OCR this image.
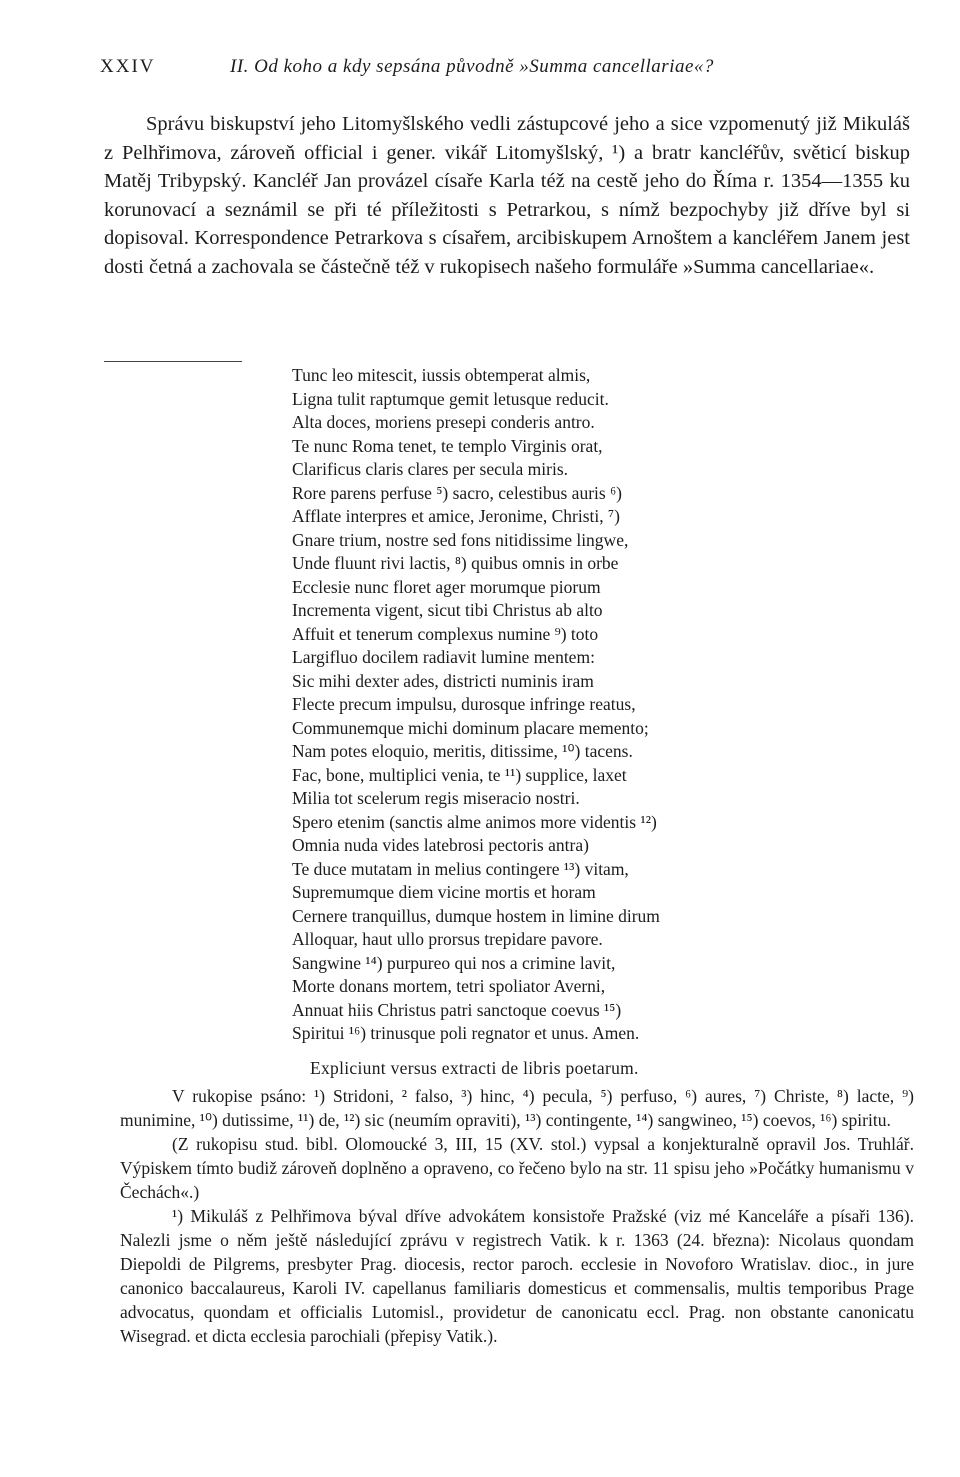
XXIV	II. Od koho a kdy sepsána původně »Summa cancellariae«?

Správu biskupství jeho Litomyšlského vedli zástupcové jeho a sice vzpomenutý již Mikuláš z Pelhřimova, zároveň official i gener. vikář Litomyšlský, ¹) a bratr kancléřův, světicí biskup Matěj Tribурský. Kancléř Jan provázel císaře Karla též na cestě jeho do Říma r. 1354—1355 ku korunovací a seznámil se při té příležitosti s Petrarkou, s nímž bezpochyby již dříve byl si dopisoval. Korrespondence Petrarkova s císařem, arcibiskupem Arnoštem a kancléřem Janem jest dosti četná a zachovala se částečně též v rukopisech našeho formuláře »Summa cancellariae«.

Tunc leo mitescit, iussis obtemperat almis,
Ligna tulit raptumque gemit letusque reducit.
Alta doces, moriens presepi conderis antro.
Te nunc Roma tenet, te templo Virginis orat,
Clarificus claris clares per secula miris.
Rore parens perfuse ⁵) sacro, celestibus auris ⁶)
Afflate interpres et amice, Jeronime, Christi, ⁷)
Gnare trium, nostre sed fons nitidissime lingwe,
Unde fluunt rivi lactis, ⁸) quibus omnis in orbe
Ecclesie nunc floret ager morumque piorum
Incrementa vigent, sicut tibi Christus ab alto
Affuit et tenerum complexus numine ⁹) toto
Largifluo docilem radiavit lumine mentem:
Sic mihi dexter ades, districti numinis iram
Flecte precum impulsu, durosque infringe reatus,
Communemque michi dominum placare memento;
Nam potes eloquio, meritis, ditissime, ¹⁰) tacens.
Fac, bone, multiplici venia, te ¹¹) supplice, laxet
Milia tot scelerum regis miseracio nostri.
Spero etenim (sanctis alme animos more videntis ¹²)
Omnia nuda vides latebrosi pectoris antra)
Te duce mutatam in melius contingere ¹³) vitam,
Supremumque diem vicine mortis et horam
Cernere tranquillus, dumque hostem in limine dirum
Alloquar, haut ullo prorsus trepidare pavore.
Sangwine ¹⁴) purpureo qui nos a crimine lavit,
Morte donans mortem, tetri spoliator Averni,
Annuat hiis Christus patri sanctoque coevus ¹⁵)
Spiritui ¹⁶) trinusque poli regnator et unus. Amen.
Expliciunt versus extracti de libris poetarum.

V rukopise psáno: ¹) Stridoni, ² falso, ³) hinc, ⁴) pecula, ⁵) perfuso, ⁶) aures, ⁷) Christe, ⁸) lacte, ⁹) munimine, ¹⁰) dutissime, ¹¹) de, ¹²) sic (neumím opraviti), ¹³) contingente, ¹⁴) sangwineo, ¹⁵) coevos, ¹⁶) spiritu.

(Z rukopisu stud. bibl. Olomoucké 3, III, 15 (XV. stol.) vypsal a konjekturalně opravil Jos. Truhlář. Výpiskem tímto budiž zároveň doplněno a opraveno, co řečeno bylo na str. 11 spisu jeho »Počátky humanismu v Čechách«.)

¹) Mikuláš z Pelhřimova býval dříve advokátem konsistoře Pražské (viz mé Kanceláře a písaři 136). Nalezli jsme o něm ještě následující zprávu v registrech Vatik. k r. 1363 (24. března): Nicolaus quondam Diepoldi de Pilgrems, presbyter Prag. diocesis, rector paroch. ecclesie in Novoforo Wratislav. dioc., in jure canonico baccalaureus, Karoli IV. capellanus familiaris domesticus et commensalis, multis temporibus Prage advocatus, quondam et officialis Lutomisl., providetur de canonicatu eccl. Prag. non obstante canonicatu Wisegrad. et dicta ecclesia parochiali (přepisy Vatik.).
